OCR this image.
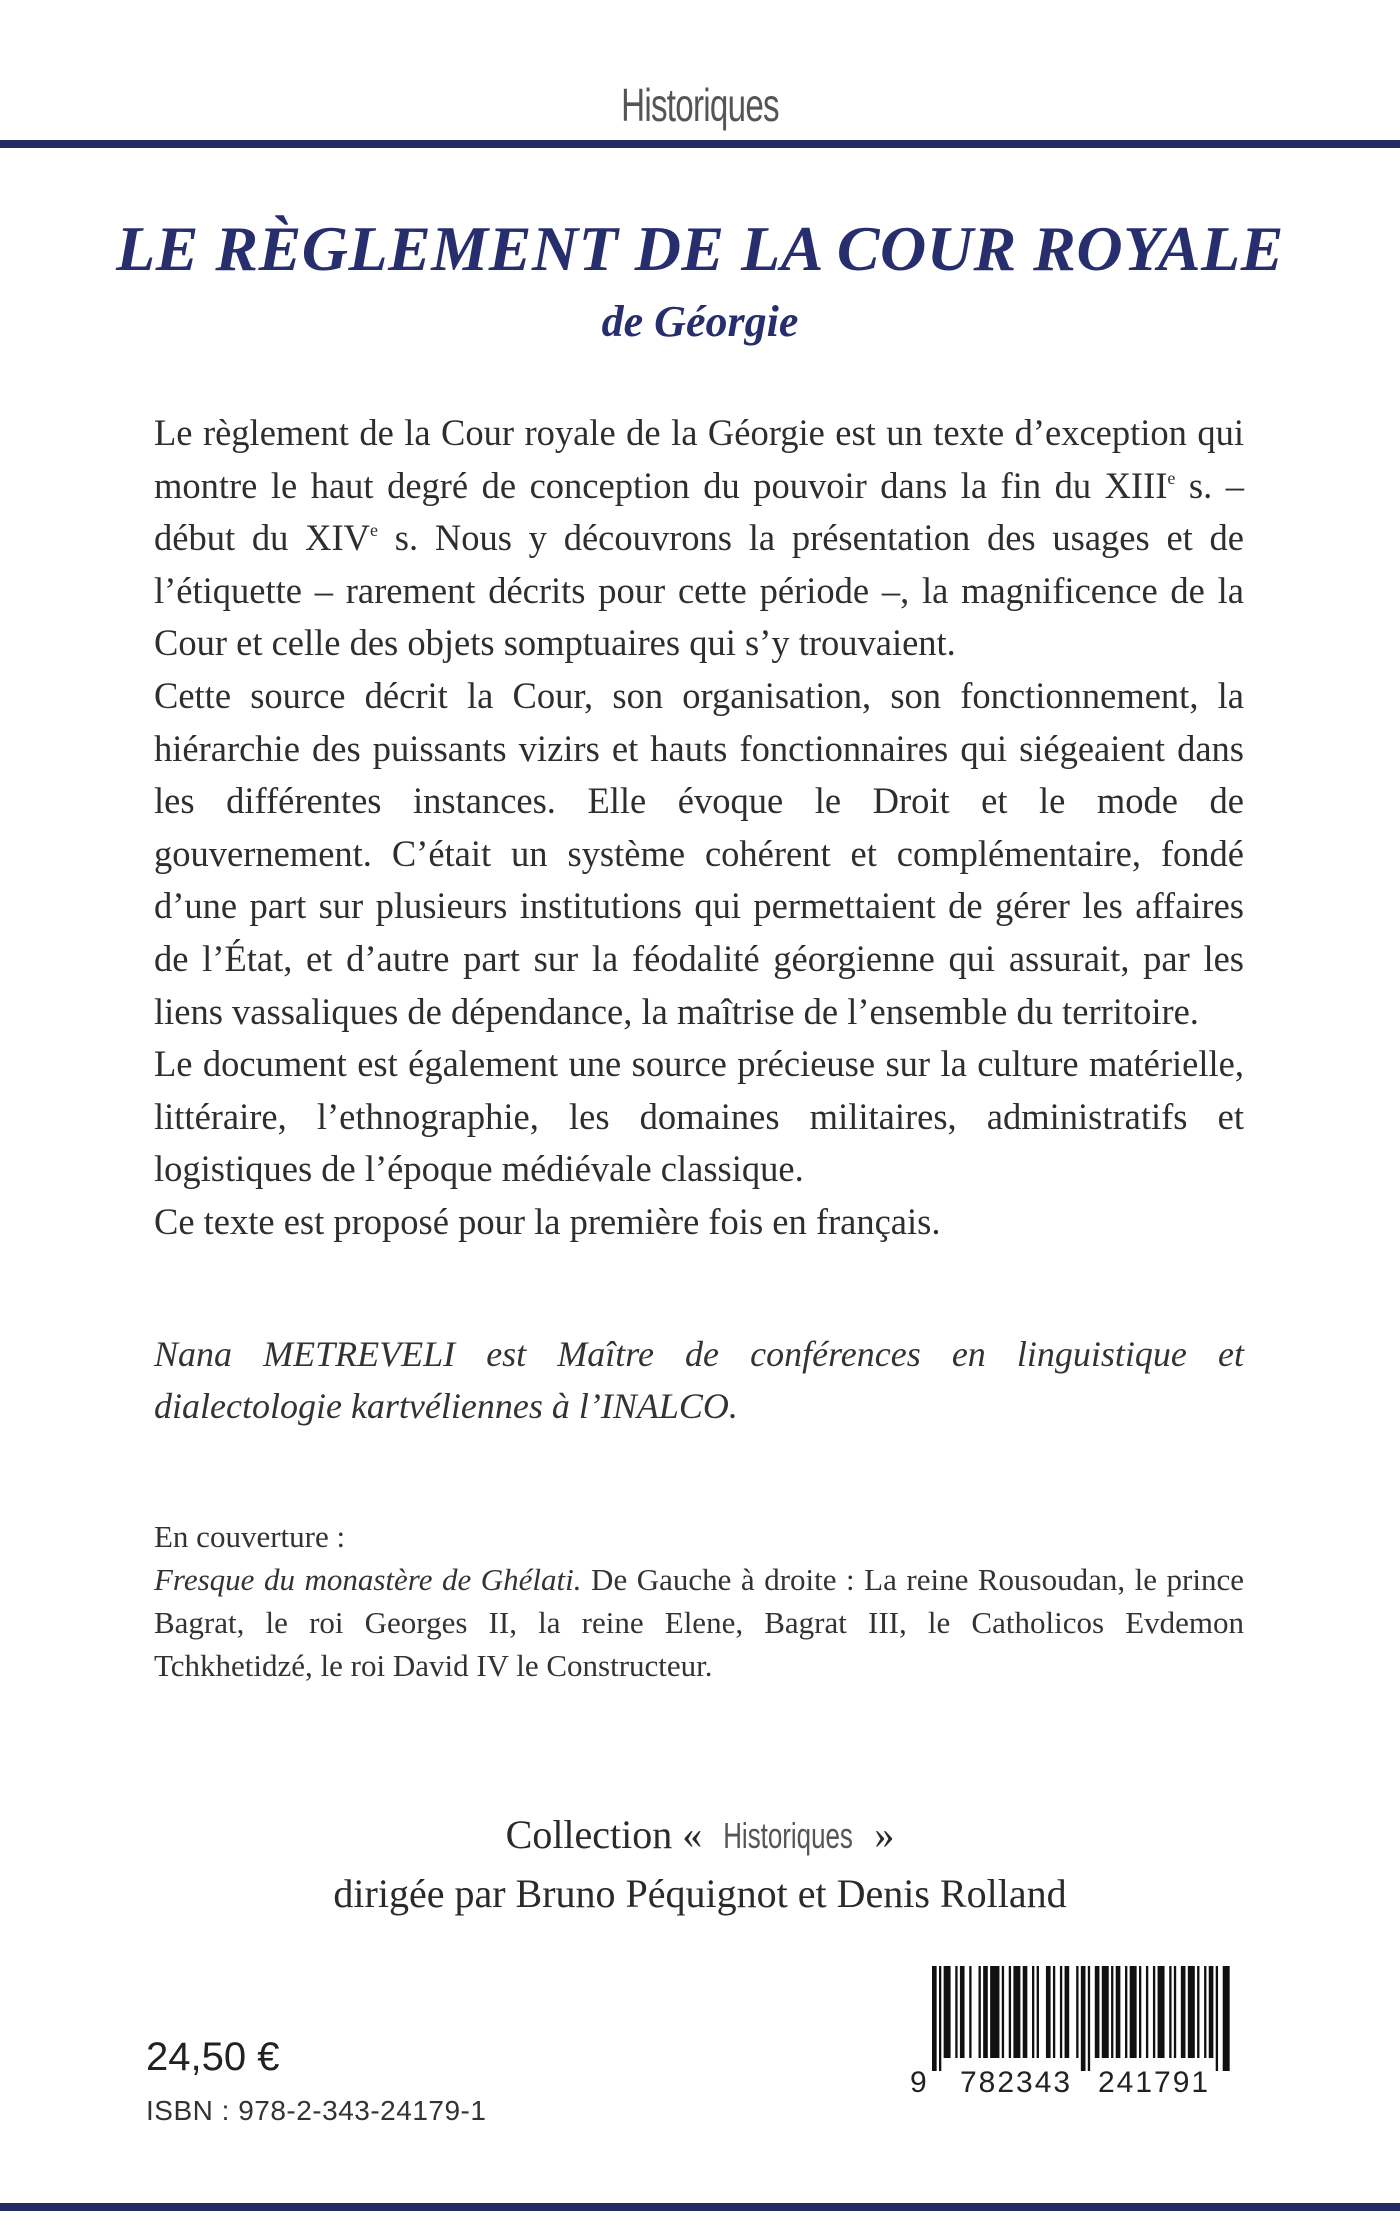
Historiques
LE RÈGLEMENT DE LA COUR ROYALE
de Géorgie

Le règlement de la Cour royale de la Géorgie est un texte d’exception qui montre le haut degré de conception du pouvoir dans la fin du XIIIe s. – début du XIVe s. Nous y découvrons la présentation des usages et de l’étiquette – rarement décrits pour cette période –, la magnificence de la Cour et celle des objets somptuaires qui s’y trouvaient.

Cette source décrit la Cour, son organisation, son fonctionnement, la hiérarchie des puissants vizirs et hauts fonctionnaires qui siégeaient dans les différentes instances. Elle évoque le Droit et le mode de gouvernement. C’était un système cohérent et complémentaire, fondé d’une part sur plusieurs institutions qui permettaient de gérer les affaires de l’État, et d’autre part sur la féodalité géorgienne qui assurait, par les liens vassaliques de dépendance, la maîtrise de l’ensemble du territoire.

Le document est également une source précieuse sur la culture matérielle, littéraire, l’ethnographie, les domaines militaires, administratifs et logistiques de l’époque médiévale classique.

Ce texte est proposé pour la première fois en français.

Nana METREVELI est Maître de conférences en linguistique et dialectologie kartvéliennes à l’INALCO.
En couverture :
Fresque du monastère de Ghélati. De Gauche à droite : La reine Rousoudan, le prince Bagrat, le roi Georges II, la reine Elene, Bagrat III, le Catholicos Evdemon Tchkhetidzé, le roi David IV le Constructeur.
Collection « Historiques »
dirigée par Bruno Péquignot et Denis Rolland
24,50 €
ISBN : 978-2-343-24179-1
9 782343 241791
